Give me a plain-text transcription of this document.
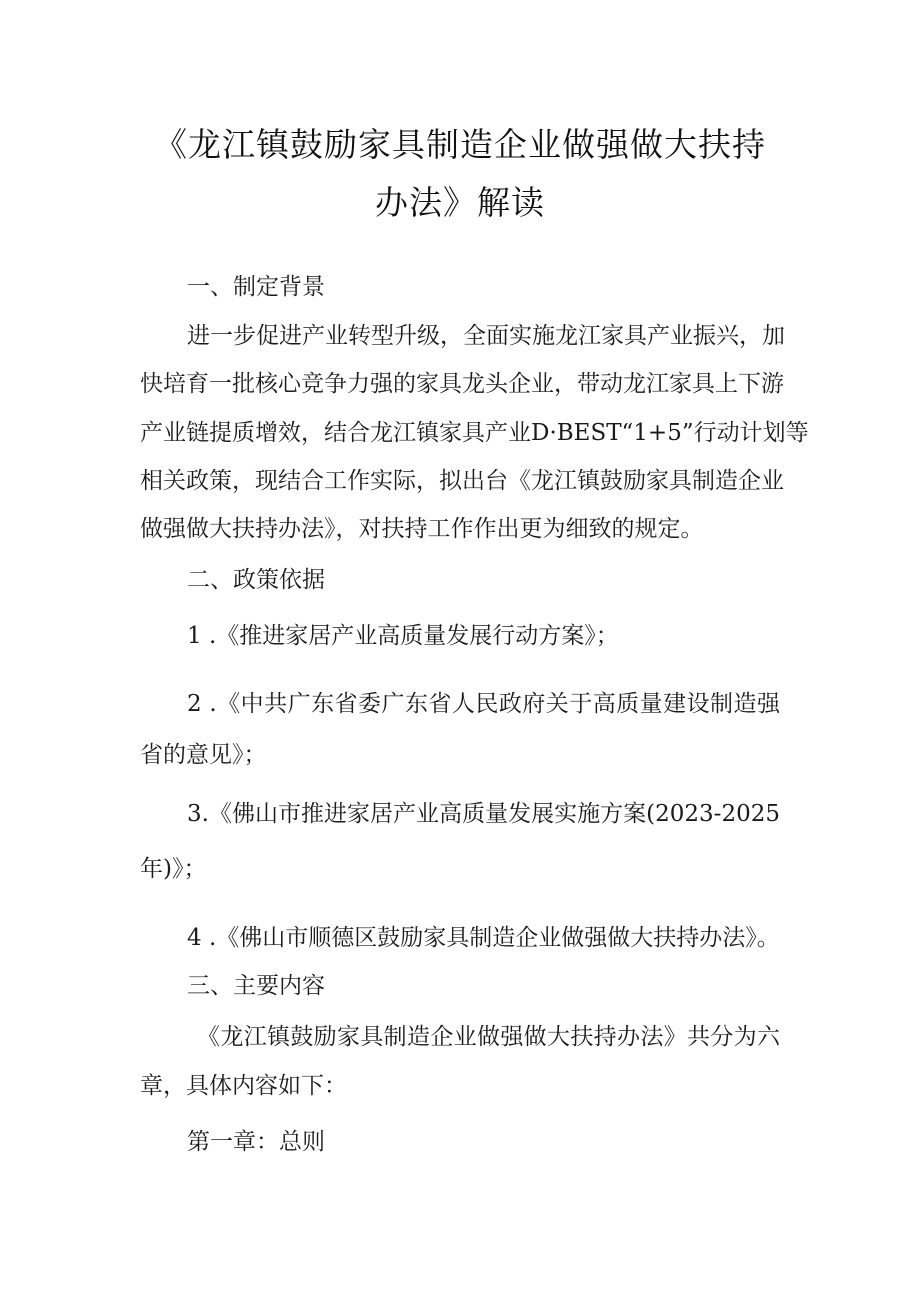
《龙江镇鼓励家具制造企业做强做大扶持
办法》解读

一、制定背景

进一步促进产业转型升级，全面实施龙江家具产业振兴，加

快培育一批核心竞争力强的家具龙头企业，带动龙江家具上下游

产业链提质增效，结合龙江镇家具产业D·BEST“1+5”行动计划等

相关政策，现结合工作实际，拟出台《龙江镇鼓励家具制造企业

做强做大扶持办法》，对扶持工作作出更为细致的规定。

二、政策依据

1 .《推进家居产业高质量发展行动方案》；

2 .《中共广东省委广东省人民政府关于高质量建设制造强

省的意见》；

3.《佛山市推进家居产业高质量发展实施方案(2023-2025

年)》；

4 .《佛山市顺德区鼓励家具制造企业做强做大扶持办法》。

三、主要内容

《龙江镇鼓励家具制造企业做强做大扶持办法》共分为六

章，具体内容如下：

第一章：总则
